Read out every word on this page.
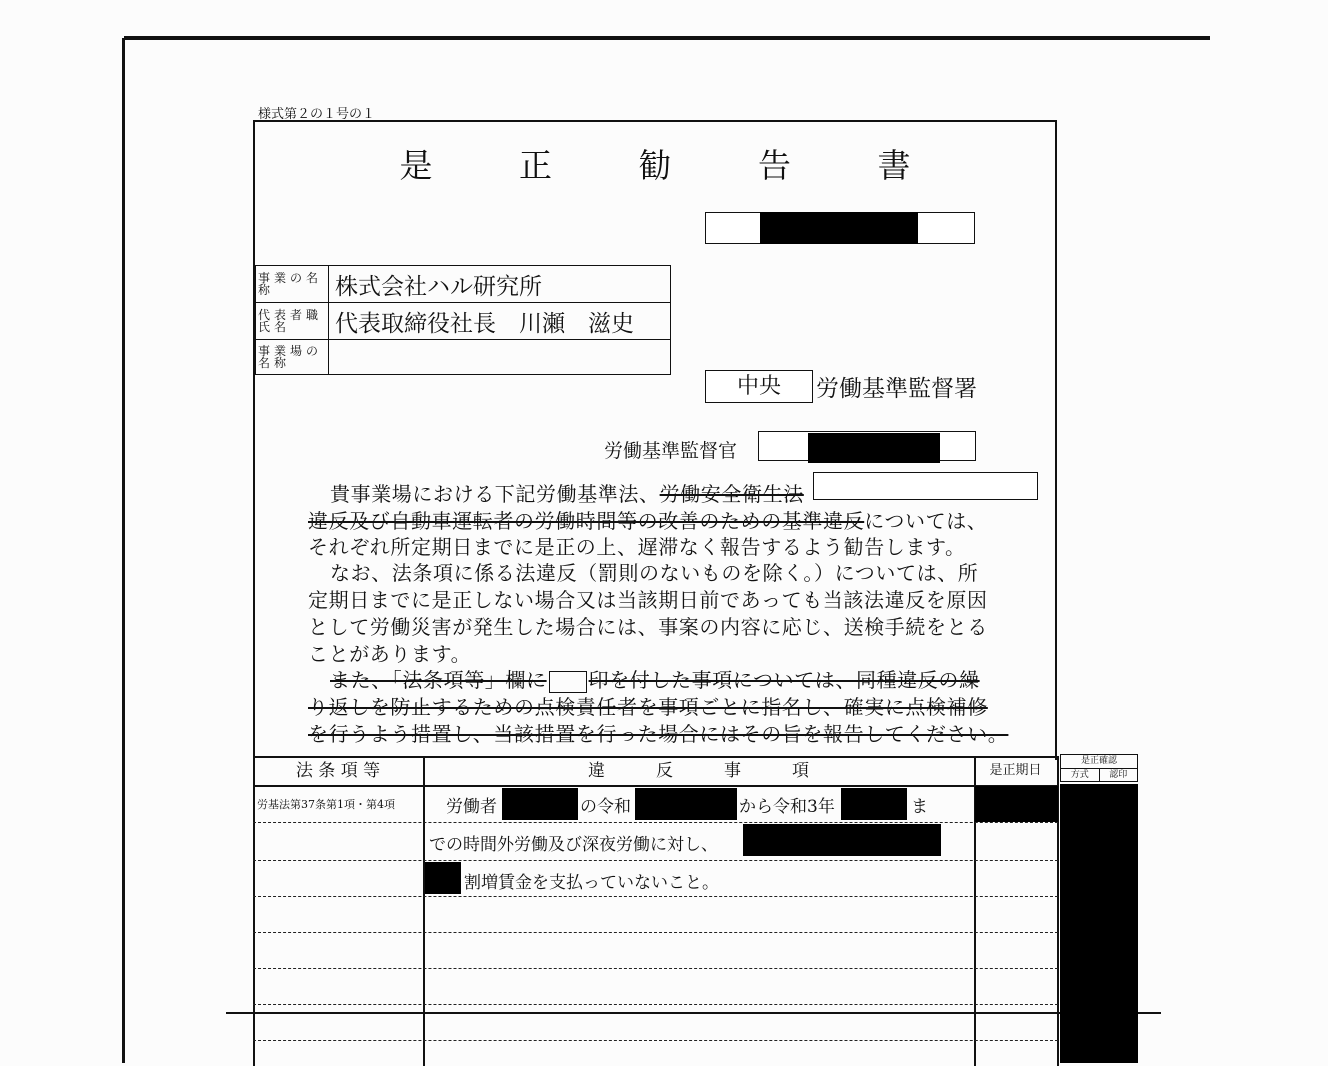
様式第２の１号の１
是 正 勧 告 書
事業の名称	株式会社ハル研究所
代表者職氏名	代表取締役社長　川瀬　滋史
事業場の名称	
中央	労働基準監督署
労働基準監督官
貴事業場における下記労働基準法、労働安全衛生法
違反及び自動車運転者の労働時間等の改善のための基準違反については、
それぞれ所定期日までに是正の上、遅滞なく報告するよう勧告します。
なお、法条項に係る法違反（罰則のないものを除く。）については、所
定期日までに是正しない場合又は当該期日前であっても当該法違反を原因
として労働災害が発生した場合には、事案の内容に応じ、送検手続をとる
ことがあります。
また、「法条項等」欄に 印を付した事項については、同種違反の繰
り返しを防止するための点検責任者を事項ごとに指名し、確実に点検補修
を行うよう措置し、当該措置を行った場合にはその旨を報告してください。
法 条 項 等	違　　　反　　　事　　　項	是正期日
労基法第37条第1項・第4項	労働者	の令和	から令和3年	ま
での時間外労働及び深夜労働に対し、
割増賃金を支払っていないこと。
是正確認
方式	認印
